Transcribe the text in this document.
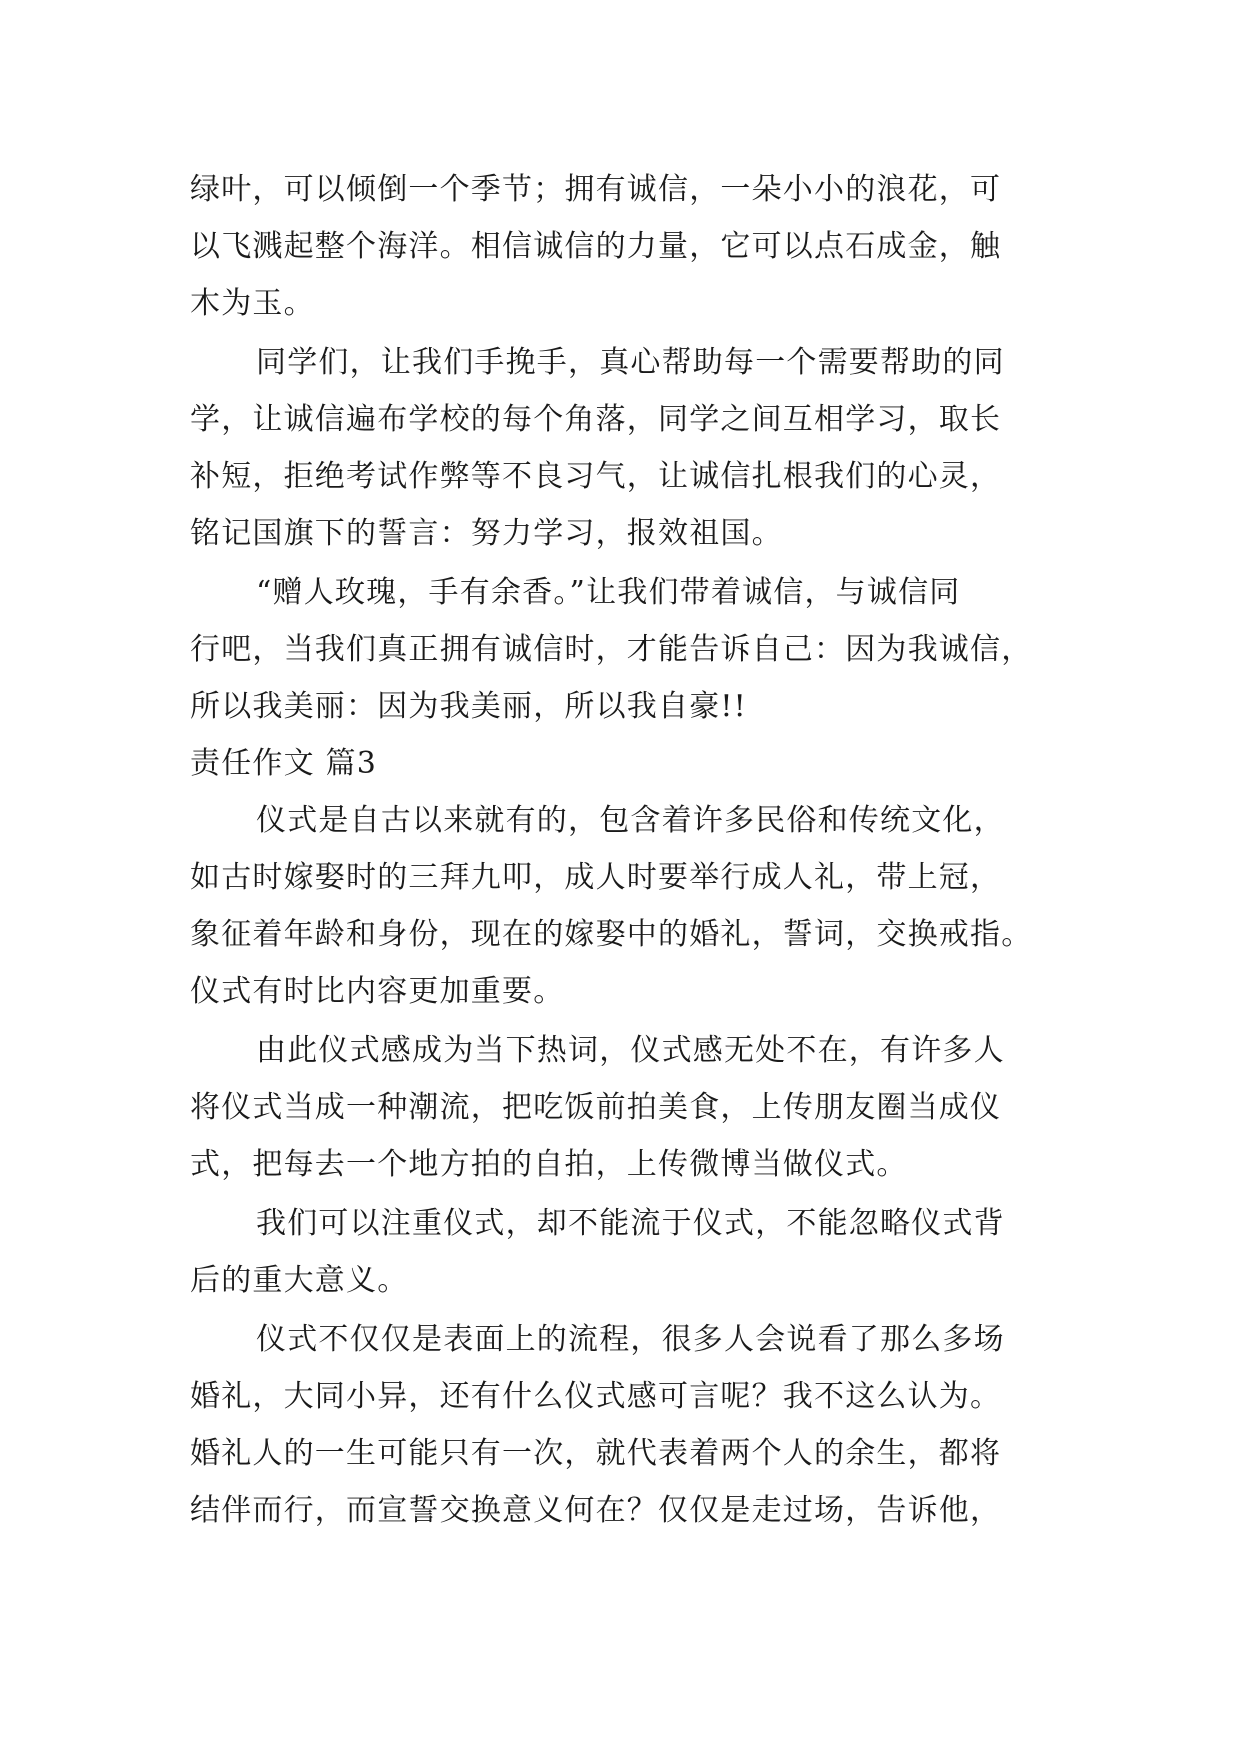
绿叶，可以倾倒一个季节；拥有诚信，一朵小小的浪花，可
以飞溅起整个海洋。相信诚信的力量，它可以点石成金，触
木为玉。
同学们，让我们手挽手，真心帮助每一个需要帮助的同
学，让诚信遍布学校的每个角落，同学之间互相学习，取长
补短，拒绝考试作弊等不良习气，让诚信扎根我们的心灵，
铭记国旗下的誓言：努力学习，报效祖国。
“赠人玫瑰，手有余香。”让我们带着诚信，与诚信同
行吧，当我们真正拥有诚信时，才能告诉自己：因为我诚信，
所以我美丽：因为我美丽，所以我自豪!!
责任作文 篇3
仪式是自古以来就有的，包含着许多民俗和传统文化，
如古时嫁娶时的三拜九叩，成人时要举行成人礼，带上冠，
象征着年龄和身份，现在的嫁娶中的婚礼，誓词，交换戒指。
仪式有时比内容更加重要。
由此仪式感成为当下热词，仪式感无处不在，有许多人
将仪式当成一种潮流，把吃饭前拍美食，上传朋友圈当成仪
式，把每去一个地方拍的自拍，上传微博当做仪式。
我们可以注重仪式，却不能流于仪式，不能忽略仪式背
后的重大意义。
仪式不仅仅是表面上的流程，很多人会说看了那么多场
婚礼，大同小异，还有什么仪式感可言呢？我不这么认为。
婚礼人的一生可能只有一次，就代表着两个人的余生，都将
结伴而行，而宣誓交换意义何在？仅仅是走过场，告诉他，
